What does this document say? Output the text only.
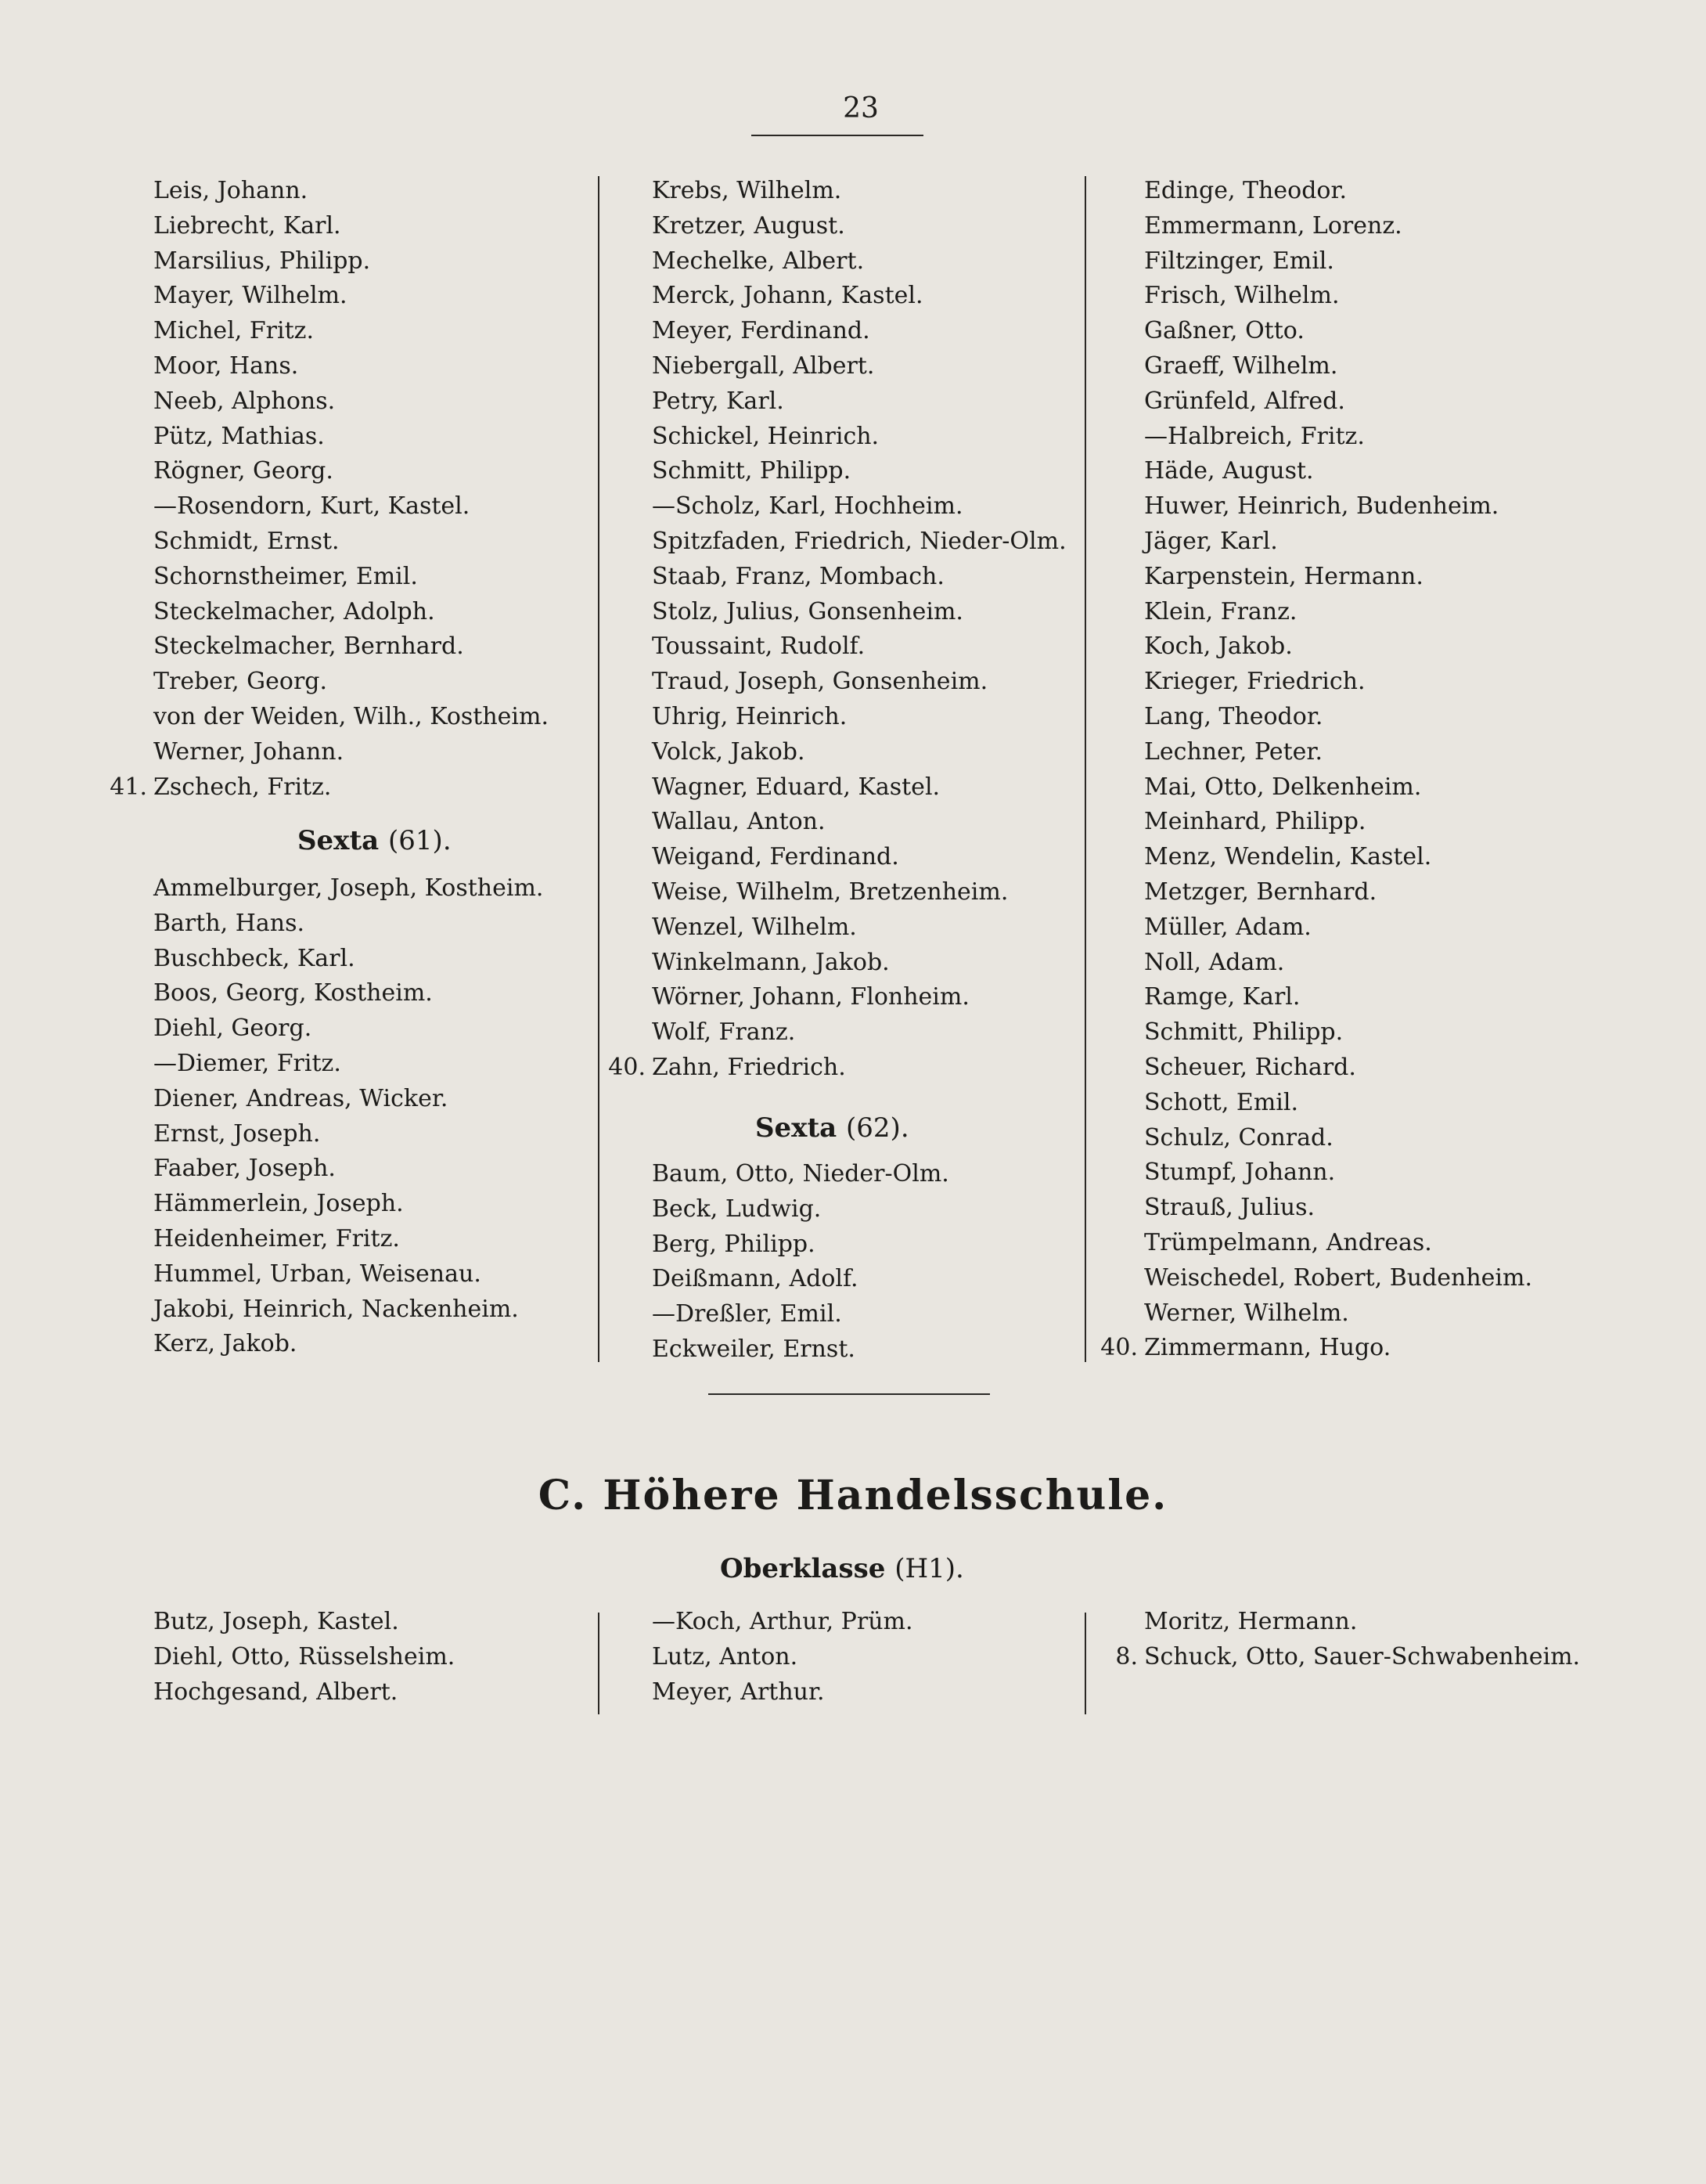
23
Leis, Johann.
Liebrecht, Karl.
Marsilius, Philipp.
Mayer, Wilhelm.
Michel, Fritz.
Moor, Hans.
Neeb, Alphons.
Pütz, Mathias.
Rögner, Georg.
—Rosendorn, Kurt, Kastel.
Schmidt, Ernst.
Schornstheimer, Emil.
Steckelmacher, Adolph.
Steckelmacher, Bernhard.
Treber, Georg.
von der Weiden, Wilh., Kostheim.
Werner, Johann.
Zschech, Fritz.
41.
Sexta (61).
Ammelburger, Joseph, Kostheim.
Barth, Hans.
Buschbeck, Karl.
Boos, Georg, Kostheim.
Diehl, Georg.
—Diemer, Fritz.
Diener, Andreas, Wicker.
Ernst, Joseph.
Faaber, Joseph.
Hämmerlein, Joseph.
Heidenheimer, Fritz.
Hummel, Urban, Weisenau.
Jakobi, Heinrich, Nackenheim.
Kerz, Jakob.
Krebs, Wilhelm.
Kretzer, August.
Mechelke, Albert.
Merck, Johann, Kastel.
Meyer, Ferdinand.
Niebergall, Albert.
Petry, Karl.
Schickel, Heinrich.
Schmitt, Philipp.
—Scholz, Karl, Hochheim.
Spitzfaden, Friedrich, Nieder-Olm.
Staab, Franz, Mombach.
Stolz, Julius, Gonsenheim.
Toussaint, Rudolf.
Traud, Joseph, Gonsenheim.
Uhrig, Heinrich.
Volck, Jakob.
Wagner, Eduard, Kastel.
Wallau, Anton.
Weigand, Ferdinand.
Weise, Wilhelm, Bretzenheim.
Wenzel, Wilhelm.
Winkelmann, Jakob.
Wörner, Johann, Flonheim.
Wolf, Franz.
Zahn, Friedrich.
40.
Sexta (62).
Baum, Otto, Nieder-Olm.
Beck, Ludwig.
Berg, Philipp.
Deißmann, Adolf.
—Dreßler, Emil.
Eckweiler, Ernst.
Edinge, Theodor.
Emmermann, Lorenz.
Filtzinger, Emil.
Frisch, Wilhelm.
Gaßner, Otto.
Graeff, Wilhelm.
Grünfeld, Alfred.
—Halbreich, Fritz.
Häde, August.
Huwer, Heinrich, Budenheim.
Jäger, Karl.
Karpenstein, Hermann.
Klein, Franz.
Koch, Jakob.
Krieger, Friedrich.
Lang, Theodor.
Lechner, Peter.
Mai, Otto, Delkenheim.
Meinhard, Philipp.
Menz, Wendelin, Kastel.
Metzger, Bernhard.
Müller, Adam.
Noll, Adam.
Ramge, Karl.
Schmitt, Philipp.
Scheuer, Richard.
Schott, Emil.
Schulz, Conrad.
Stumpf, Johann.
Strauß, Julius.
Trümpelmann, Andreas.
Weischedel, Robert, Budenheim.
Werner, Wilhelm.
Zimmermann, Hugo.
40.
C. Höhere Handelsschule.
Oberklasse (H1).
Butz, Joseph, Kastel.
Diehl, Otto, Rüsselsheim.
Hochgesand, Albert.
—Koch, Arthur, Prüm.
Lutz, Anton.
Meyer, Arthur.
Moritz, Hermann.
Schuck, Otto, Sauer-Schwabenheim.
8.
